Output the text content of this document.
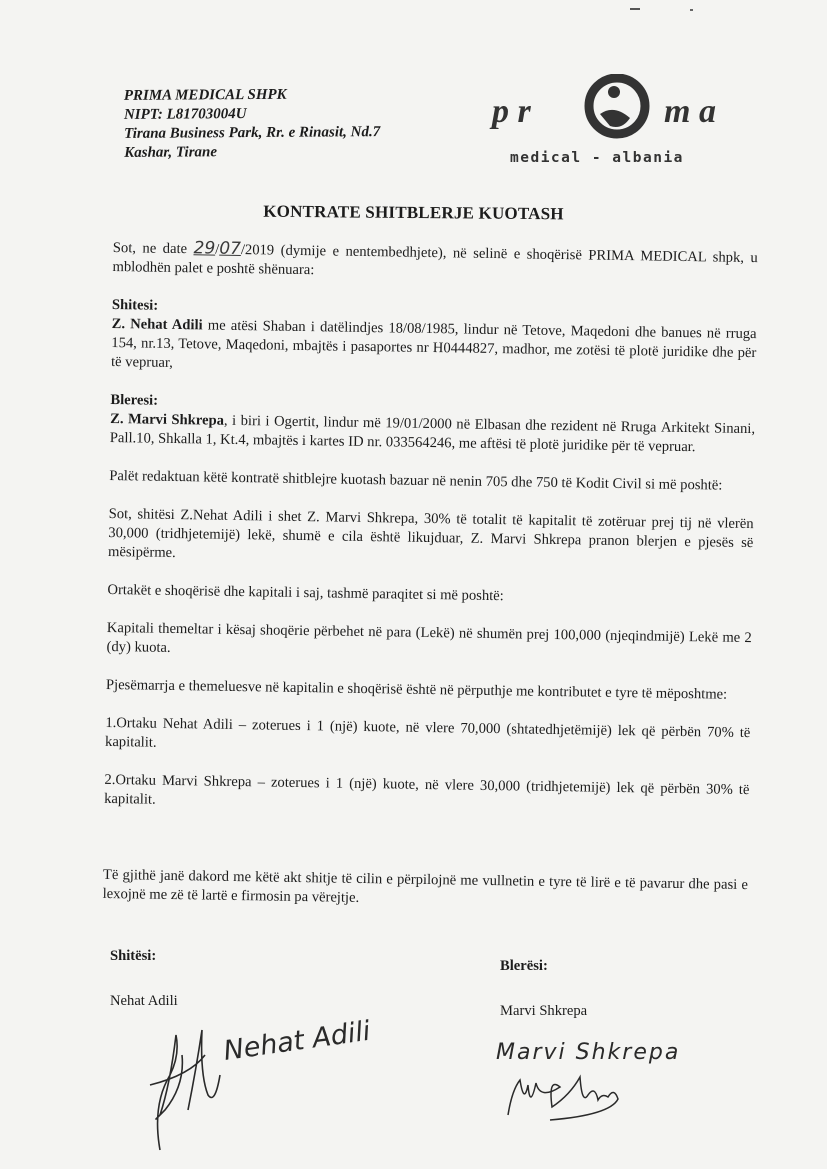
PRIMA MEDICAL SHPK
NIPT: L81703004U
Tirana Business Park, Rr. e Rinasit, Nd.7
Kashar, Tirane
p r	m a
medical - albania
KONTRATE SHITBLERJE KUOTASH

Sot, ne date 29/07/2019 (dymije e nentembedhjete), në selinë e shoqërisë PRIMA MEDICAL shpk, u mblodhën palet e poshtë shënuara:

Shitesi:

Z. Nehat Adili me atësi Shaban i datëlindjes 18/08/1985, lindur në Tetove, Maqedoni dhe banues në rruga 154, nr.13, Tetove, Maqedoni, mbajtës i pasaportes nr H0444827, madhor, me zotësi të plotë juridike dhe për të vepruar,

Bleresi:

Z. Marvi Shkrepa, i biri i Ogertit, lindur më 19/01/2000 në Elbasan dhe rezident në Rrugа Arkitekt Sinani, Pall.10, Shkalla 1, Kt.4, mbajtës i kartes ID nr. 033564246, me aftësi të plotë juridike për të vepruar.

Palët redaktuan këtë kontratë shitblejre kuotash bazuar në nenin 705 dhe 750 të Kodit Civil si më poshtë:

Sot, shitësi Z.Nehat Adili i shet Z. Marvi Shkrepa, 30% të totalit të kapitalit të zotëruar prej tij në vlerën 30,000 (tridhjetemijë) lekë, shumë e cila është likujduar, Z. Marvi Shkrepa pranon blerjen e pjesës së mësipërme.

Ortakët e shoqërisë dhe kapitali i saj, tashmë paraqitet si më poshtë:

Kapitali themeltar i kësaj shoqërie përbehet në para (Lekë) në shumën prej 100,000 (njeqindmijë) Lekë me 2 (dy) kuota.

Pjesëmarrja e themeluesve në kapitalin e shoqërisë është në përputhje me kontributet e tyre të mëposhtme:

1.Ortaku Nehat Adili – zoterues i 1 (një) kuote, në vlere 70,000 (shtatedhjetëmijë) lek që përbën 70% të kapitalit.

2.Ortaku Marvi Shkrepa – zoterues i 1 (një) kuote, në vlere 30,000 (tridhjetemijë) lek që përbën 30% të kapitalit.

Të gjithë janë dakord me këtë akt shitje të cilin e përpilojnë me vullnetin e tyre të lirë e të pavarur dhe pasi e lexojnë me zë të lartë e firmosin pa vërejtje.

Shitësi:
Nehat Adili
Blerësi:
Marvi Shkrepa
Nehat Adili	Marvi Shkrepa
